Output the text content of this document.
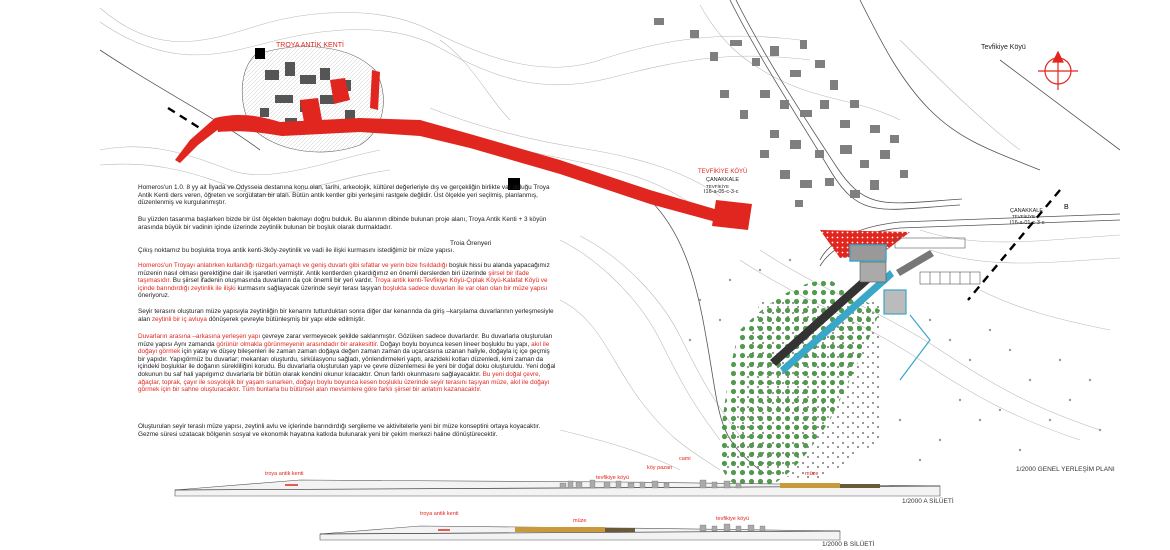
B
TROYA ANTİK KENTİ	Tevfikiye Köyü
TEVFİKİYE KÖYÜ
ÇANAKKALE
TEVFİKİYE
I16-a-05-c-3-c
ÇANAKKALE
TEVFİKİYE
I16-a-01-c-3-c
Troia Örenyeri
1/2000 GENEL YERLEŞİM PLANI
Homeros'un 1.0. 8 yy ait İlyada ve Odysseia destanına konu olan, tarihi, arkeolojik, kültürel değerleriyle dış ve gerçekliğin birlikte var olduğu Troya Antik Kenti ders veren, öğreten ve sorgulatan bir alan. Bütün antik kentler gibi yerleşimi rastgele değildir. Üst ölçekle yeri seçilmiş, planlanmış, düzenlenmiş ve kurgulanmıştır.
Bu yüzden tasarıma başlarken bizde bir üst ölçekten bakmayı doğru bulduk. Bu alanının dibinde bulunan proje alanı, Troya Antik Kenti + 3 köyün arasında büyük bir vadinin içinde üzerinde zeytinlik bulunan bir boşluk olarak durmaktadır.
Çıkış noktamız bu boşlukta troya antik kenti-3köy-zeytinlik ve vadi ile ilişki kurmasını istediğimiz bir müze yapısı.
Homeros'un Troyayı anlatırken kullandığı rüzgarlı,yamaçlı ve geniş duvarlı gibi sıfatlar ve yerin bize fısıldadığı boşluk hissi bu alanda yapacağımız müzenin nasıl olması gerektiğine dair ilk işaretleri vermiştir. Antik kentlerden çıkardığımız en önemli derslerden biri üzerinde şiirsel bir ifade taşımasıdır. Bu şiirsel ifadenin oluşmasında duvarların da çok önemli bir yeri vardır. Troya antik kenti-Tevfikiye Köyü-Çıplak Köyü-Kalafat Köyü ve içinde barındırdığı zeytinlik ile ilişki kurmasını sağlayacak üzerinde seyir terası taşıyan boşlukta sadece duvarları ile var olan olan bir müze yapısı öneriyoruz.
Seyir terasını oluşturan müze yapısıyla zeytinliğin bir kenarını tutturduktan sonra diğer dar kenarında da giriş –karşılama duvarlarının yerleşmesiyle alan zeytinli bir iç avluya dönüşerek çevreyle bütünleşmiş bir yapı elde edilmiştir.
Duvarların arasına –arkasına yerleşen yapı çevreye zarar vermeyecek şekilde saklanmıştır. Gözüken sadece duvarlardır. Bu duvarlarla oluşturulan müze yapısı Aynı zamanda görünür olmakla görünmeyenin arasındadır bir arakesittir. Doğayı boylu boyunca kesen lineer boşluklu bu yapı, akıl ile doğayı görmek için yatay ve düşey bileşenleri ile zaman zaman doğaya değen zaman zaman da uçarcasına uzanan haliyle, doğayla iç içe geçmiş bir yapıdır. Yapıgörmüz bu duvarlar; mekanları oluşturdu, sirkülasyonu sağladı, yönlendirmeleri yaptı, arazideki kotları düzenledi, kimi zaman da içindeki boşluklar ile doğanın sürekliliğini korudu. Bu duvarlarla oluşturulan yapı ve çevre düzenlemesi ile yeni bir doğal doku oluşturuldu. Yeni doğal dokunun bu saf hali yapılgımız duvarlarla bir bütün olarak kendini okunur kılacaktır. Onun farklı okunmasını sağlayacaktır. Bu yeni doğal çevre, ağaçlar, toprak, çayır ile sosyolojik bir yaşam sunarken, doğayı boylu boyunca kesen boşluklu üzerinde seyir terasını taşıyan müze, akıl ile doğayı görmek için bir sahne oluşturacaktır. Tüm bunlarla bu bütünsel alan mevsimlere göre farklı şiirsel bir anlatım kazanacaktır.
Oluşturulan seyir teraslı müze yapısı, zeytinli avlu ve içlerinde barındırdığı sergileme ve aktivitelerle yeni bir müze konseptini ortaya koyacaktır. Gezme süresi uzatacak bölgenin sosyal ve ekonomik hayatına katkıda bulunarak yeni bir çekim merkezi haline dönüştürecektir.
troya antik kenti
tevfikiye köyü
köy pazarı
cami
müze
1/2000 A SİLÜETİ
troya antik kenti
müze	tevfikiye köyü
1/2000 B SİLÜETİ
